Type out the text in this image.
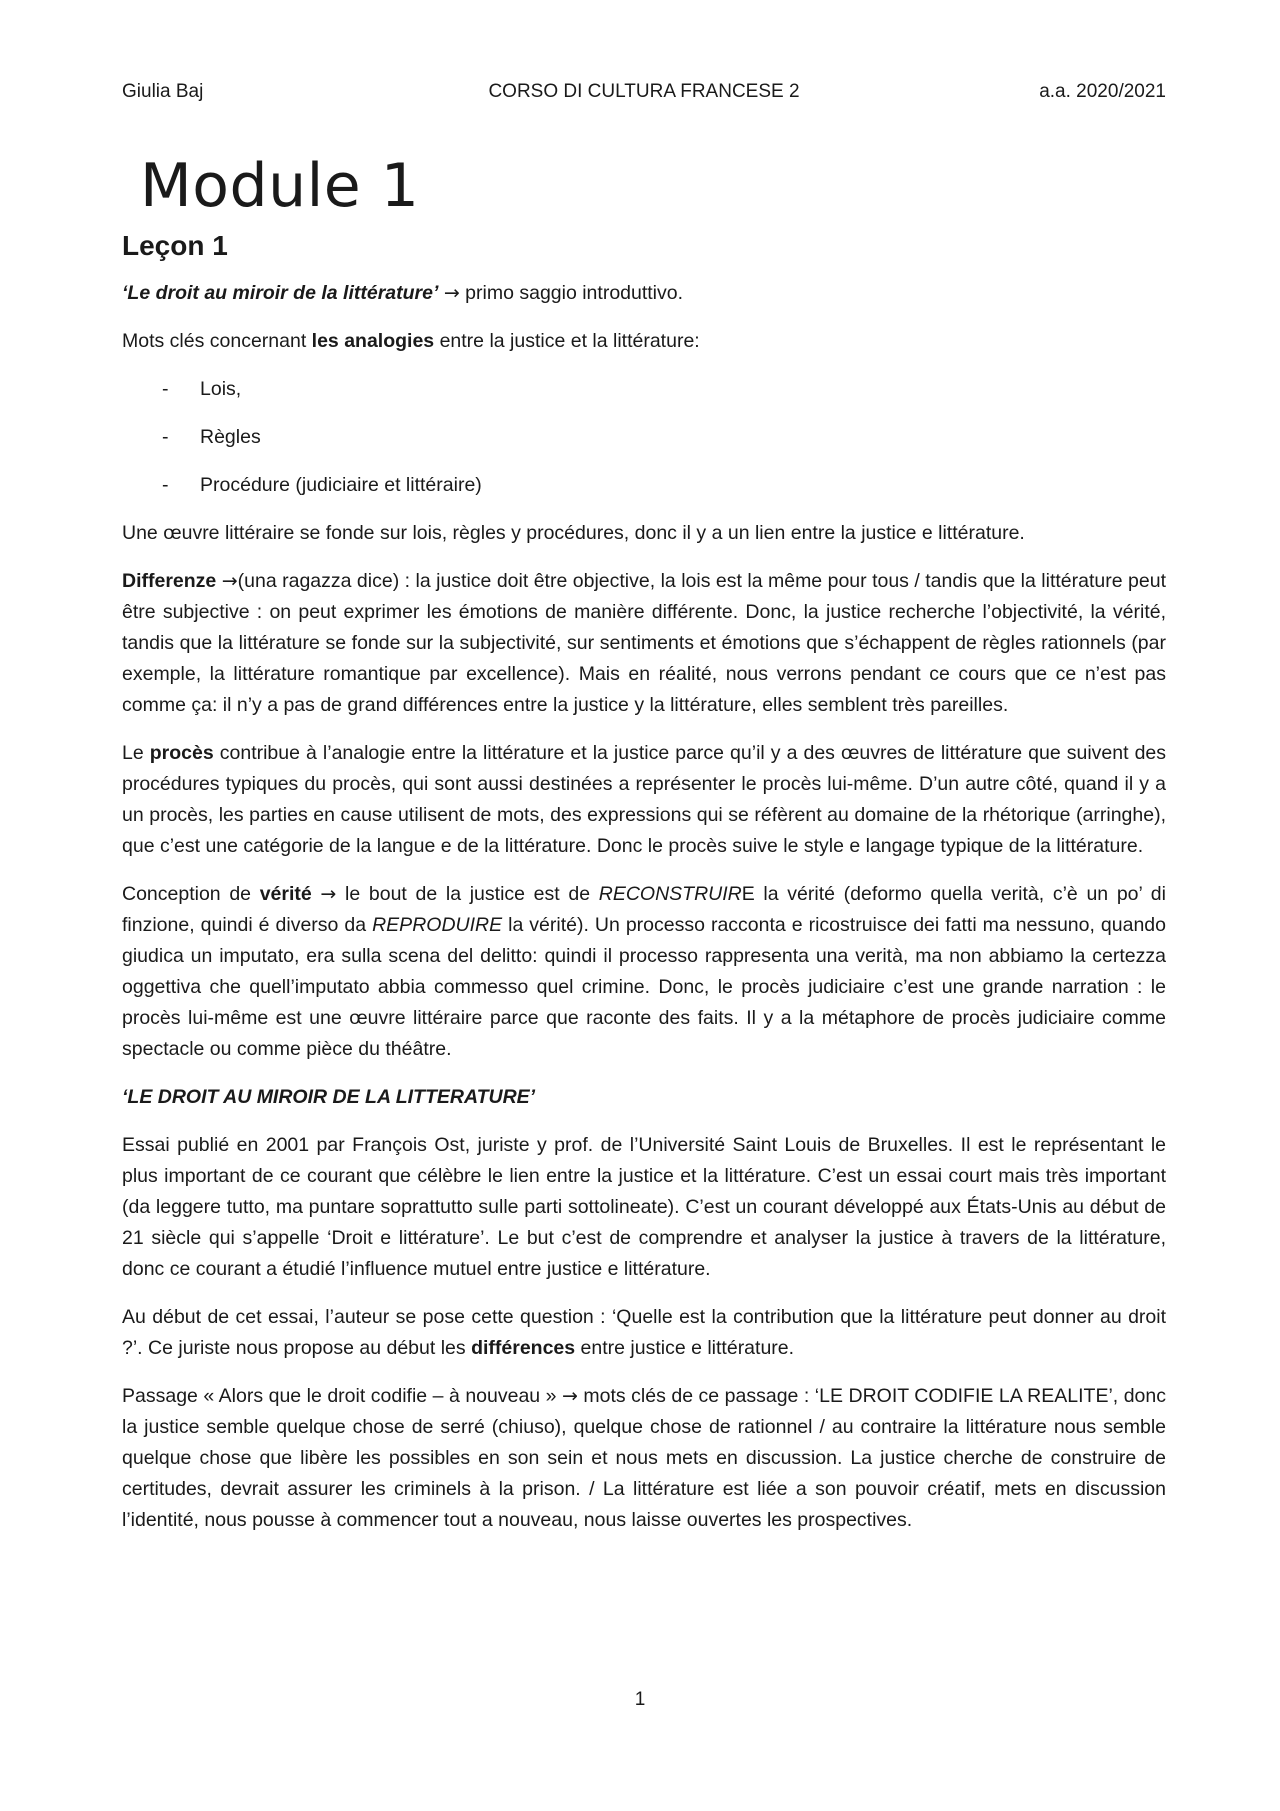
Giulia Baj	CORSO DI CULTURA FRANCESE 2	a.a. 2020/2021
Module 1
Leçon 1

‘Le droit au miroir de la littérature’ → primo saggio introduttivo.

Mots clés concernant les analogies entre la justice et la littérature:

- Lois,
- Règles
- Procédure (judiciaire et littéraire)

Une œuvre littéraire se fonde sur lois, règles y procédures, donc il y a un lien entre la justice e littérature.

Differenze →(una ragazza dice) : la justice doit être objective, la lois est la même pour tous / tandis que la littérature peut être subjective : on peut exprimer les émotions de manière différente. Donc, la justice recherche l’objectivité, la vérité, tandis que la littérature se fonde sur la subjectivité, sur sentiments et émotions que s’échappent de règles rationnels (par exemple, la littérature romantique par excellence). Mais en réalité, nous verrons pendant ce cours que ce n’est pas comme ça: il n’y a pas de grand différences entre la justice y la littérature, elles semblent très pareilles.

Le procès contribue à l’analogie entre la littérature et la justice parce qu’il y a des œuvres de littérature que suivent des procédures typiques du procès, qui sont aussi destinées a représenter le procès lui-même. D’un autre côté, quand il y a un procès, les parties en cause utilisent de mots, des expressions qui se réfèrent au domaine de la rhétorique (arringhe), que c’est une catégorie de la langue e de la littérature. Donc le procès suive le style e langage typique de la littérature.

Conception de vérité → le bout de la justice est de RECONSTRUIRE la vérité (deformo quella verità, c’è un po’ di finzione, quindi é diverso da REPRODUIRE la vérité). Un processo racconta e ricostruisce dei fatti ma nessuno, quando giudica un imputato, era sulla scena del delitto: quindi il processo rappresenta una verità, ma non abbiamo la certezza oggettiva che quell’imputato abbia commesso quel crimine. Donc, le procès judiciaire c’est une grande narration : le procès lui-même est une œuvre littéraire parce que raconte des faits. Il y a la métaphore de procès judiciaire comme spectacle ou comme pièce du théâtre.

‘LE DROIT AU MIROIR DE LA LITTERATURE’

Essai publié en 2001 par François Ost, juriste y prof. de l’Université Saint Louis de Bruxelles. Il est le représentant le plus important de ce courant que célèbre le lien entre la justice et la littérature. C’est un essai court mais très important (da leggere tutto, ma puntare soprattutto sulle parti sottolineate). C’est un courant développé aux États-Unis au début de 21 siècle qui s’appelle ‘Droit e littérature’. Le but c’est de comprendre et analyser la justice à travers de la littérature, donc ce courant a étudié l’influence mutuel entre justice e littérature.

Au début de cet essai, l’auteur se pose cette question : ‘Quelle est la contribution que la littérature peut donner au droit ?’. Ce juriste nous propose au début les différences entre justice e littérature.

Passage « Alors que le droit codifie – à nouveau » → mots clés de ce passage : ‘LE DROIT CODIFIE LA REALITE’, donc la justice semble quelque chose de serré (chiuso), quelque chose de rationnel / au contraire la littérature nous semble quelque chose que libère les possibles en son sein et nous mets en discussion. La justice cherche de construire de certitudes, devrait assurer les criminels à la prison. / La littérature est liée a son pouvoir créatif, mets en discussion l’identité, nous pousse à commencer tout a nouveau, nous laisse ouvertes les prospectives.

1
